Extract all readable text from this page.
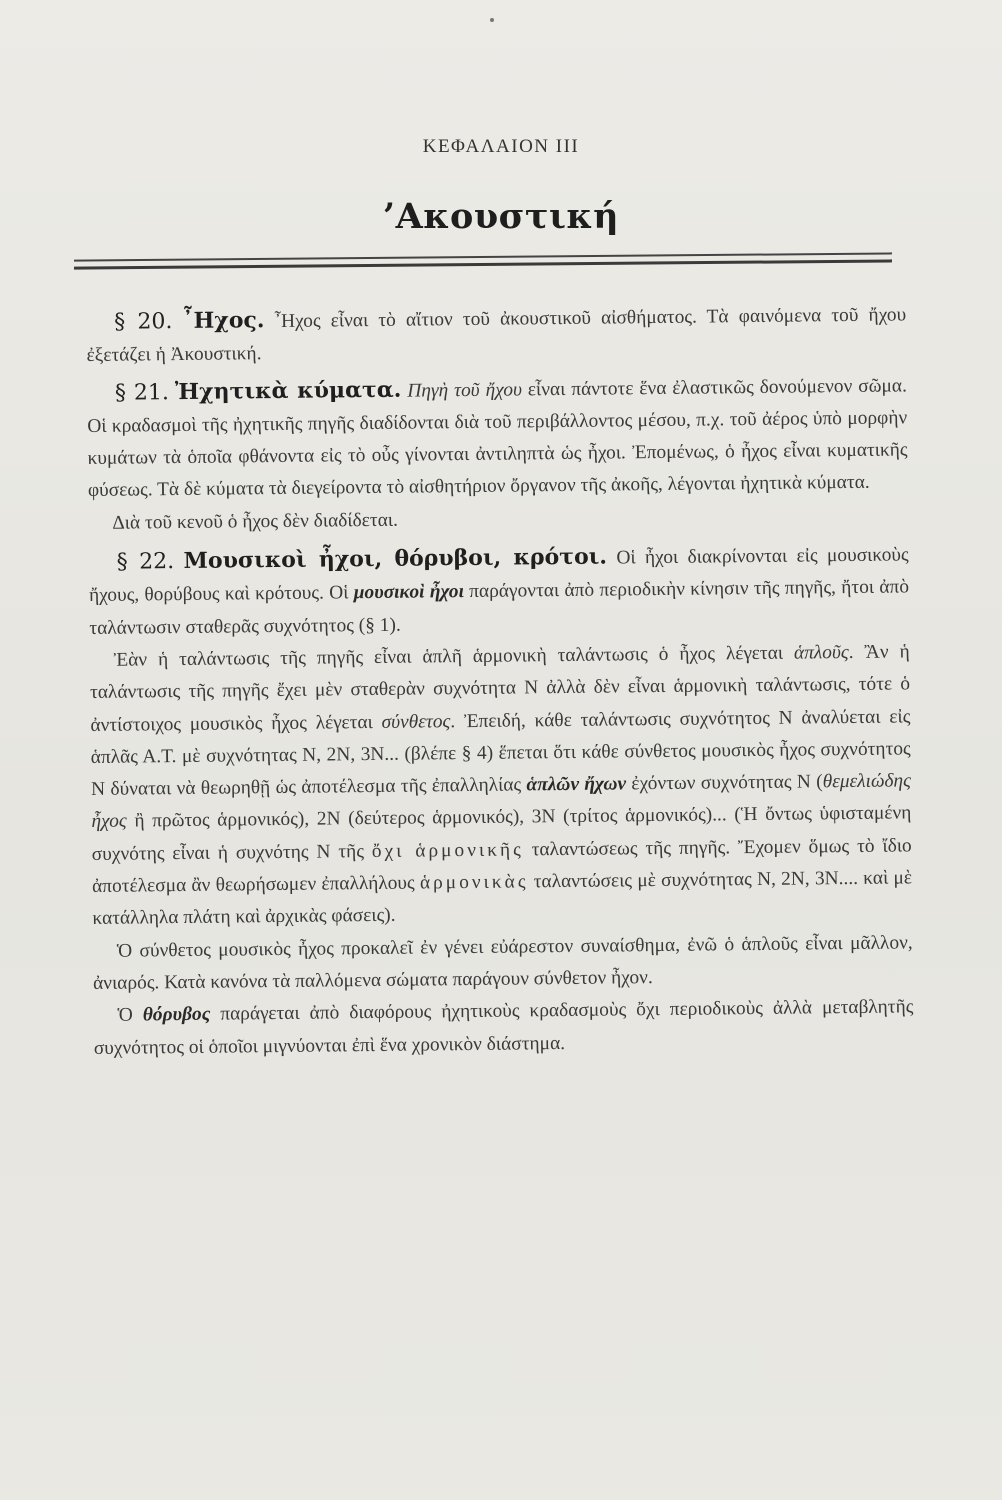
ΚΕΦΑΛΑΙΟΝ III
’Ακουστική

§ 20. ῏Ηχος. ῏Ηχος εἶναι τὸ αἴτιον τοῦ ἀκουστικοῦ αἰσθήματος. Τὰ φαινόμενα τοῦ ἤχου ἐξετάζει ἡ Ἀκουστική.

§ 21. Ἠχητικὰ κύματα. Πηγὴ τοῦ ἤχου εἶναι πάντοτε ἕνα ἐλαστικῶς δονούμενον σῶμα. Οἱ κραδασμοὶ τῆς ἠχητικῆς πηγῆς διαδίδονται διὰ τοῦ περιβάλλοντος μέσου, π.χ. τοῦ ἀέρος ὑπὸ μορφὴν κυμάτων τὰ ὁποῖα φθάνοντα εἰς τὸ οὖς γίνονται ἀντιληπτὰ ὡς ἦχοι. Ἐπομένως, ὁ ἦχος εἶναι κυματικῆς φύσεως. Τὰ δὲ κύματα τὰ διεγείροντα τὸ αἰσθητήριον ὄργανον τῆς ἀκοῆς, λέγονται ἠχητικὰ κύματα.

Διὰ τοῦ κενοῦ ὁ ἦχος δὲν διαδίδεται.

§ 22. Μουσικοὶ ἦχοι, θόρυβοι, κρότοι. Οἱ ἦχοι διακρίνονται εἰς μουσικοὺς ἤχους, θορύβους καὶ κρότους. Οἱ μουσικοὶ ἦχοι παράγονται ἀπὸ περιοδικὴν κίνησιν τῆς πηγῆς, ἤτοι ἀπὸ ταλάντωσιν σταθερᾶς συχνότητος (§ 1).

Ἐὰν ἡ ταλάντωσις τῆς πηγῆς εἶναι ἁπλῆ ἁρμονικὴ ταλάντωσις ὁ ἦχος λέγεται ἁπλοῦς. Ἂν ἡ ταλάντωσις τῆς πηγῆς ἔχει μὲν σταθερὰν συχνότητα N ἀλλὰ δὲν εἶναι ἁρμονικὴ ταλάντωσις, τότε ὁ ἀντίστοιχος μουσικὸς ἦχος λέγεται σύνθετος. Ἐπειδή, κάθε ταλάντωσις συχνότητος N ἀναλύεται εἰς ἁπλᾶς Α.Τ. μὲ συχνότητας N, 2N, 3N... (βλέπε § 4) ἕπεται ὅτι κάθε σύνθετος μουσικὸς ἦχος συχνότητος N δύναται νὰ θεωρηθῇ ὡς ἀποτέλεσμα τῆς ἐπαλληλίας ἁπλῶν ἤχων ἐχόντων συχνότητας N (θεμελιώδης ἦχος ἢ πρῶτος ἁρμονικός), 2N (δεύτερος ἁρμονικός), 3N (τρίτος ἁρμονικός)... (Ἡ ὄντως ὑφισταμένη συχνότης εἶναι ἡ συχνότης N τῆς ὄχι ἁρμονικῆς ταλαντώσεως τῆς πηγῆς. Ἔχομεν ὅμως τὸ ἴδιο ἀποτέλεσμα ἂν θεωρήσωμεν ἐπαλλήλους ἁρμονικὰς ταλαντώσεις μὲ συχνότητας N, 2N, 3N.... καὶ μὲ κατάλληλα πλάτη καὶ ἀρχικὰς φάσεις).

Ὁ σύνθετος μουσικὸς ἦχος προκαλεῖ ἐν γένει εὐάρεστον συναίσθημα, ἐνῶ ὁ ἁπλοῦς εἶναι μᾶλλον, ἀνιαρός. Κατὰ κανόνα τὰ παλλόμενα σώματα παράγουν σύνθετον ἦχον.

Ὁ θόρυβος παράγεται ἀπὸ διαφόρους ἠχητικοὺς κραδασμοὺς ὄχι περιοδικοὺς ἀλλὰ μεταβλητῆς συχνότητος οἱ ὁποῖοι μιγνύονται ἐπὶ ἕνα χρονικὸν διάστημα.
